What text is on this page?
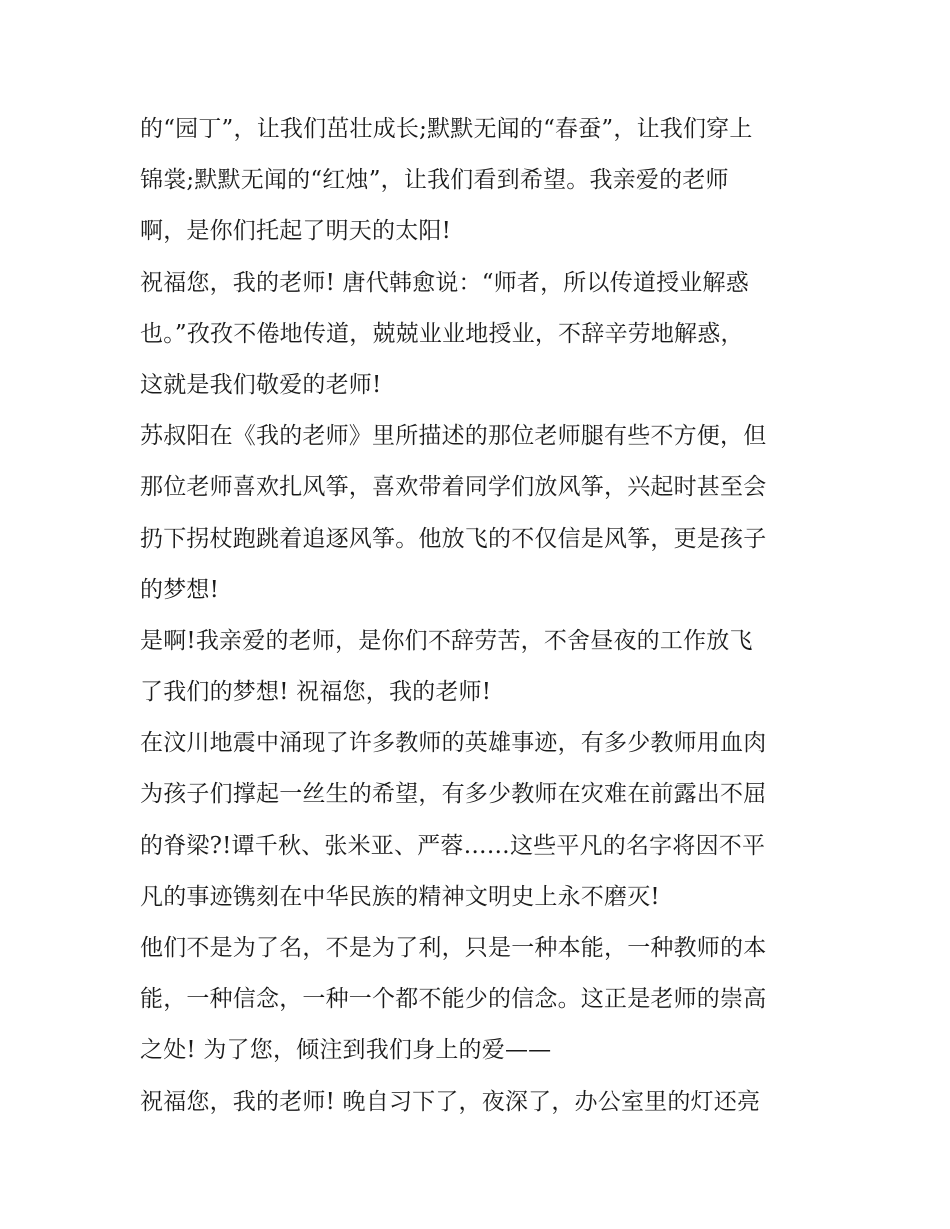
的“园丁”，让我们茁壮成长;默默无闻的“春蚕”，让我们穿上
锦裳;默默无闻的“红烛”，让我们看到希望。我亲爱的老师
啊，是你们托起了明天的太阳!
祝福您，我的老师! 唐代韩愈说：“师者，所以传道授业解惑
也。”孜孜不倦地传道，兢兢业业地授业，不辞辛劳地解惑，
这就是我们敬爱的老师!
苏叔阳在《我的老师》里所描述的那位老师腿有些不方便，但
那位老师喜欢扎风筝，喜欢带着同学们放风筝，兴起时甚至会
扔下拐杖跑跳着追逐风筝。他放飞的不仅信是风筝，更是孩子
的梦想!
是啊!我亲爱的老师，是你们不辞劳苦，不舍昼夜的工作放飞
了我们的梦想! 祝福您，我的老师!
在汶川地震中涌现了许多教师的英雄事迹，有多少教师用血肉
为孩子们撑起一丝生的希望，有多少教师在灾难在前露出不屈
的脊梁?!谭千秋、张米亚、严蓉……这些平凡的名字将因不平
凡的事迹镌刻在中华民族的精神文明史上永不磨灭!
他们不是为了名，不是为了利，只是一种本能，一种教师的本
能，一种信念，一种一个都不能少的信念。这正是老师的崇高
之处! 为了您，倾注到我们身上的爱——
祝福您，我的老师! 晚自习下了，夜深了，办公室里的灯还亮
